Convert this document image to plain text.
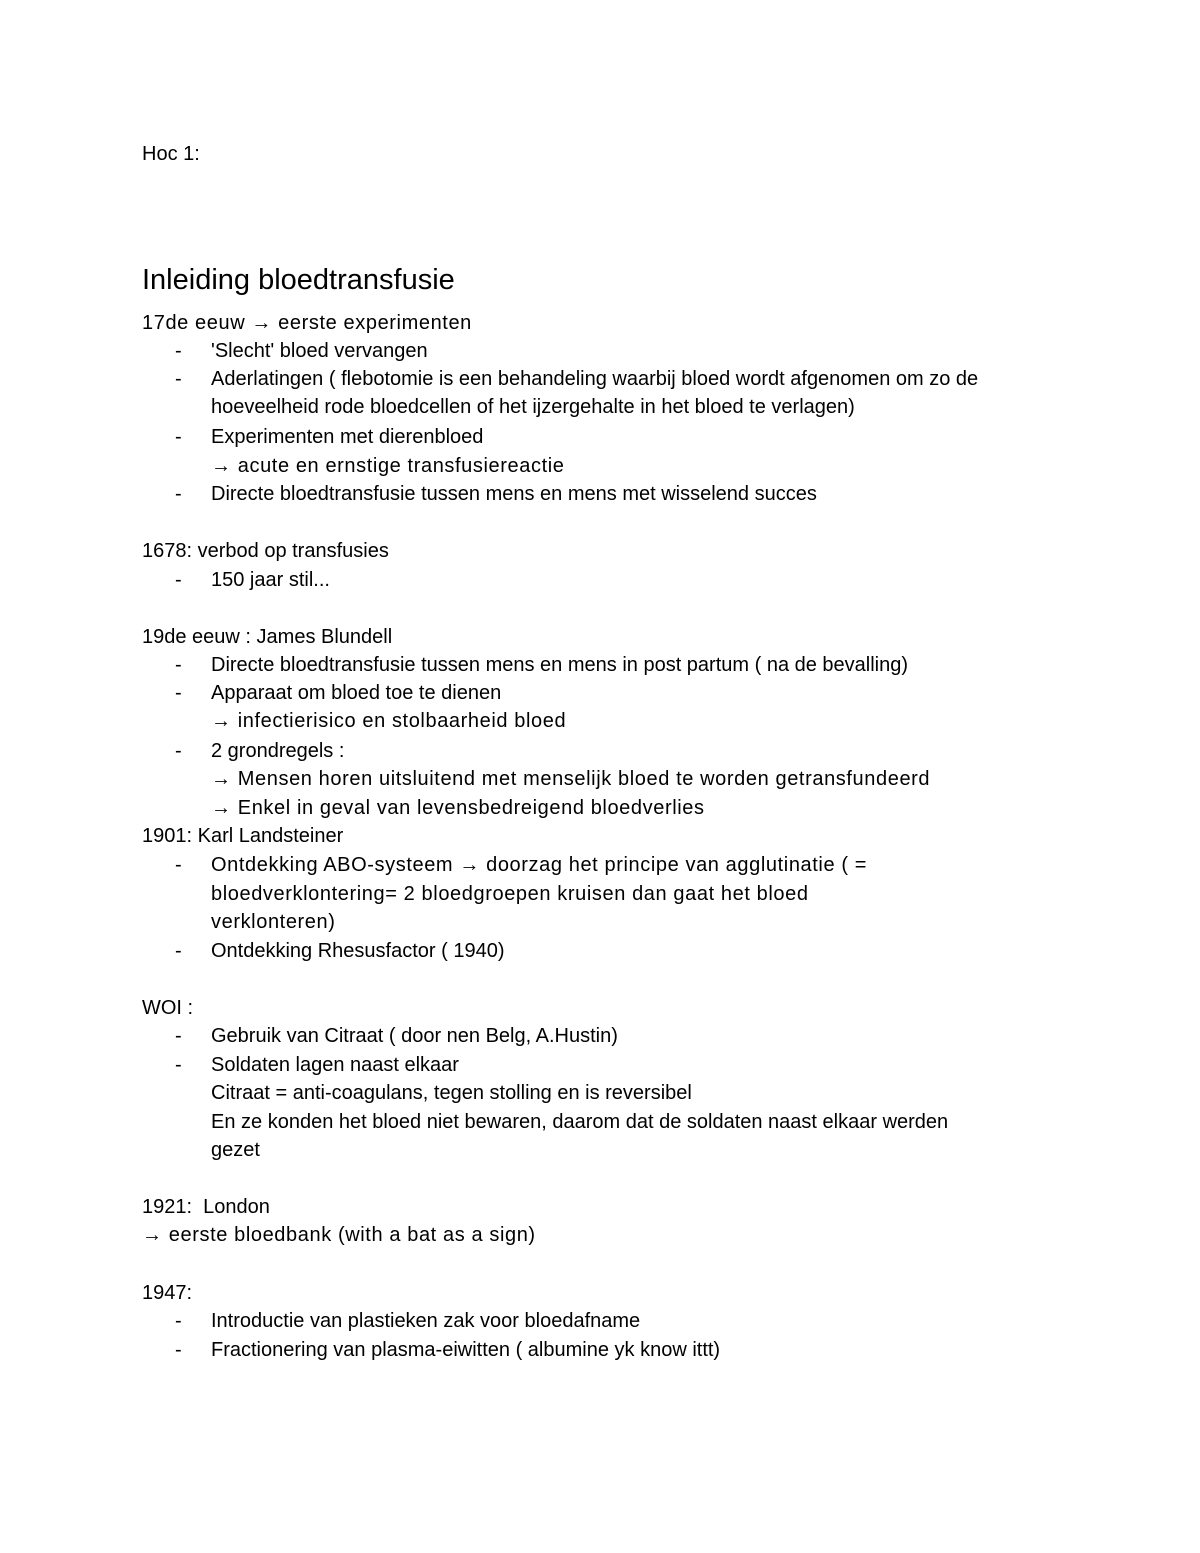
Hoc 1:
Inleiding bloedtransfusie
17de eeuw → eerste experimenten
- 'Slecht' bloed vervangen
- Aderlatingen ( flebotomie is een behandeling waarbij bloed wordt afgenomen om zo de
hoeveelheid rode bloedcellen of het ijzergehalte in het bloed te verlagen)
- Experimenten met dierenbloed
→ acute en ernstige transfusiereactie
- Directe bloedtransfusie tussen mens en mens met wisselend succes
1678: verbod op transfusies
- 150 jaar stil...
19de eeuw : James Blundell
- Directe bloedtransfusie tussen mens en mens in post partum ( na de bevalling)
- Apparaat om bloed toe te dienen
→ infectierisico en stolbaarheid bloed
- 2 grondregels :
→ Mensen horen uitsluitend met menselijk bloed te worden getransfundeerd
→ Enkel in geval van levensbedreigend bloedverlies
1901: Karl Landsteiner
- Ontdekking ABO-systeem → doorzag het principe van agglutinatie ( =
bloedverklontering= 2 bloedgroepen kruisen dan gaat het bloed
verklonteren)
- Ontdekking Rhesusfactor ( 1940)
WOI :
- Gebruik van Citraat ( door nen Belg, A.Hustin)
- Soldaten lagen naast elkaar
Citraat = anti-coagulans, tegen stolling en is reversibel
En ze konden het bloed niet bewaren, daarom dat de soldaten naast elkaar werden
gezet
1921:  London
→ eerste bloedbank (with a bat as a sign)
1947:
- Introductie van plastieken zak voor bloedafname
- Fractionering van plasma-eiwitten ( albumine yk know ittt)
